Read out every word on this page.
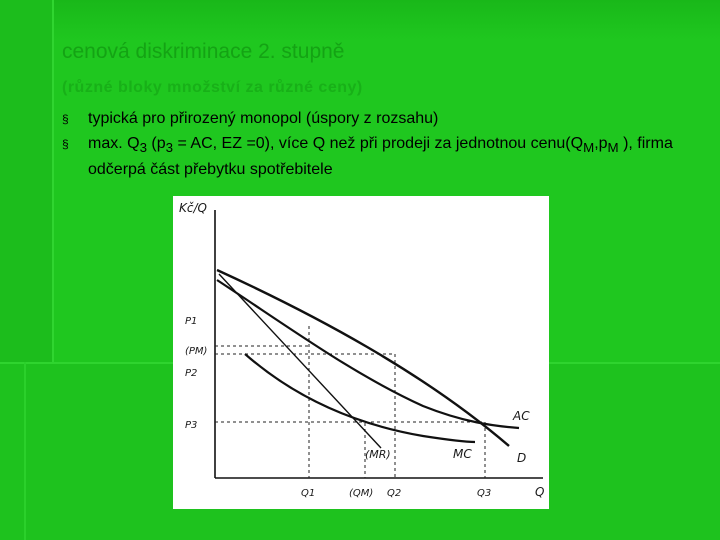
cenová diskriminace 2. stupně
(různé bloky množství za různé ceny)
§ typická pro přirozený monopol (úspory z rozsahu)
§ max. $Q_3$ ($p_3$ = AC, EZ =0), více Q než při prodeji za jednotnou $cenu(Q_M,p_M$ ), firma odčerpá část přebytku spotřebitele
Kč/Q
Q
P1
(PM)
P2
P3
Q1	(QM) Q2	Q3
AC
MC	D
(MR)
